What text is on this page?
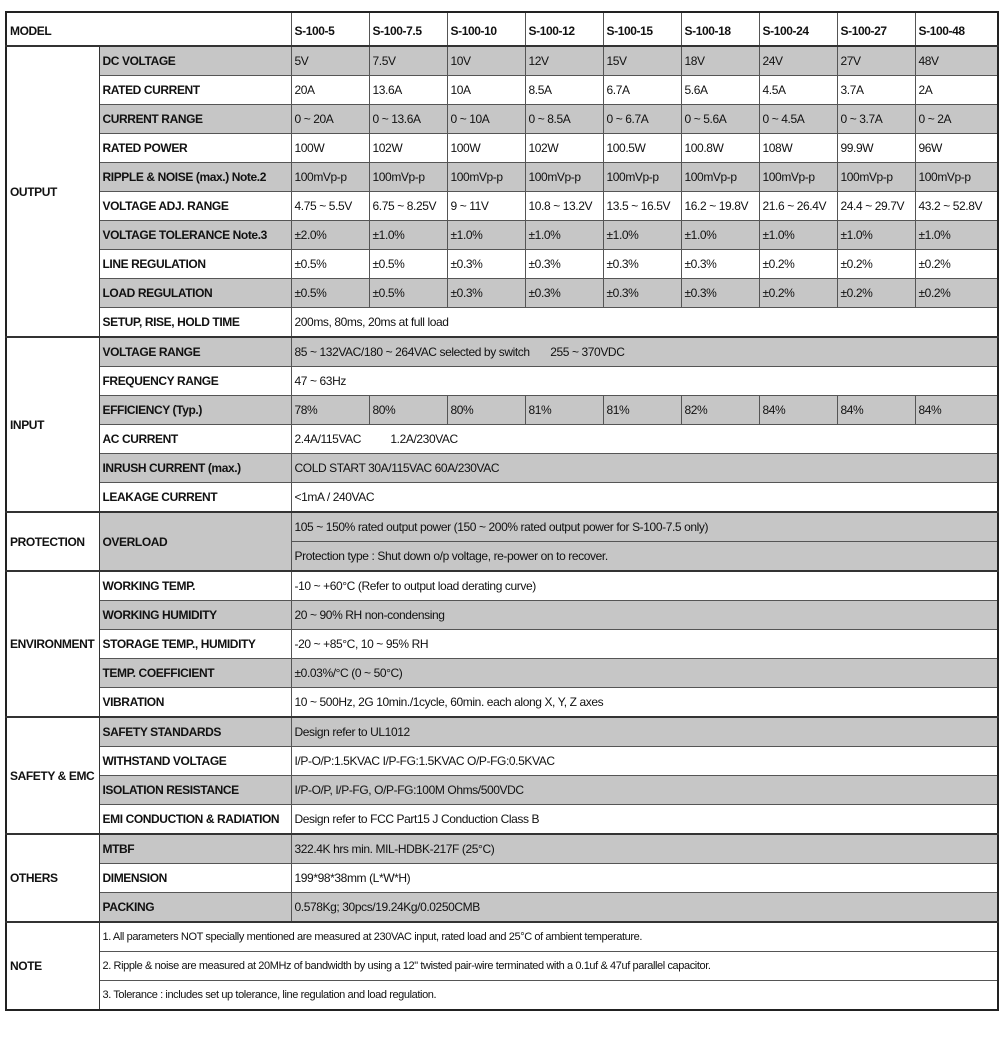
MODEL		S-100-5	S-100-7.5	S-100-10	S-100-12	S-100-15	S-100-18	S-100-24	S-100-27	S-100-48
OUTPUT	DC VOLTAGE	5V	7.5V	10V	12V	15V	18V	24V	27V	48V
	RATED CURRENT	20A	13.6A	10A	8.5A	6.7A	5.6A	4.5A	3.7A	2A
	CURRENT RANGE	0 ~ 20A	0 ~ 13.6A	0 ~ 10A	0 ~ 8.5A	0 ~ 6.7A	0 ~ 5.6A	0 ~ 4.5A	0 ~ 3.7A	0 ~ 2A
	RATED POWER	100W	102W	100W	102W	100.5W	100.8W	108W	99.9W	96W
	RIPPLE & NOISE (max.) Note.2	100mVp-p	100mVp-p	100mVp-p	100mVp-p	100mVp-p	100mVp-p	100mVp-p	100mVp-p	100mVp-p
	VOLTAGE ADJ. RANGE	4.75 ~ 5.5V	6.75 ~ 8.25V	9 ~ 11V	10.8 ~ 13.2V	13.5 ~ 16.5V	16.2 ~ 19.8V	21.6 ~ 26.4V	24.4 ~ 29.7V	43.2 ~ 52.8V
	VOLTAGE TOLERANCE Note.3	±2.0%	±1.0%	±1.0%	±1.0%	±1.0%	±1.0%	±1.0%	±1.0%	±1.0%
	LINE REGULATION	±0.5%	±0.5%	±0.3%	±0.3%	±0.3%	±0.3%	±0.2%	±0.2%	±0.2%
	LOAD REGULATION	±0.5%	±0.5%	±0.3%	±0.3%	±0.3%	±0.3%	±0.2%	±0.2%	±0.2%
	SETUP, RISE, HOLD TIME	200ms, 80ms, 20ms at full load								
INPUT	VOLTAGE RANGE	85 ~ 132VAC/180 ~ 264VAC selected by switch       255 ~ 370VDC								
	FREQUENCY RANGE	47 ~ 63Hz								
	EFFICIENCY (Typ.)	78%	80%	80%	81%	81%	82%	84%	84%	84%
	AC CURRENT	2.4A/115VAC          1.2A/230VAC								
	INRUSH CURRENT (max.)	COLD START 30A/115VAC 60A/230VAC								
	LEAKAGE CURRENT	<1mA / 240VAC								
PROTECTION	OVERLOAD	105 ~ 150% rated output power (150 ~ 200% rated output power for S-100-7.5 only)								
		Protection type : Shut down o/p voltage, re-power on to recover.								
ENVIRONMENT	WORKING TEMP.	-10 ~ +60°C (Refer to output load derating curve)								
	WORKING HUMIDITY	20 ~ 90% RH non-condensing								
	STORAGE TEMP., HUMIDITY	-20 ~ +85°C, 10 ~ 95% RH								
	TEMP. COEFFICIENT	±0.03%/°C (0 ~ 50°C)								
	VIBRATION	10 ~ 500Hz, 2G 10min./1cycle, 60min. each along X, Y, Z axes								
SAFETY & EMC	SAFETY STANDARDS	Design refer to UL1012								
	WITHSTAND VOLTAGE	I/P-O/P:1.5KVAC I/P-FG:1.5KVAC O/P-FG:0.5KVAC								
	ISOLATION RESISTANCE	I/P-O/P, I/P-FG, O/P-FG:100M Ohms/500VDC								
	EMI CONDUCTION & RADIATION	Design refer to FCC Part15 J Conduction Class B								
OTHERS	MTBF	322.4K hrs min. MIL-HDBK-217F (25°C)								
	DIMENSION	199*98*38mm (L*W*H)								
	PACKING	0.578Kg; 30pcs/19.24Kg/0.0250CMB								
NOTE	1. All parameters NOT specially mentioned are measured at 230VAC input, rated load and 25°C of ambient temperature.									
	2. Ripple & noise are measured at 20MHz of bandwidth by using a 12" twisted pair-wire terminated with a 0.1uf & 47uf parallel capacitor.									
	3. Tolerance : includes set up tolerance, line regulation and load regulation.									
